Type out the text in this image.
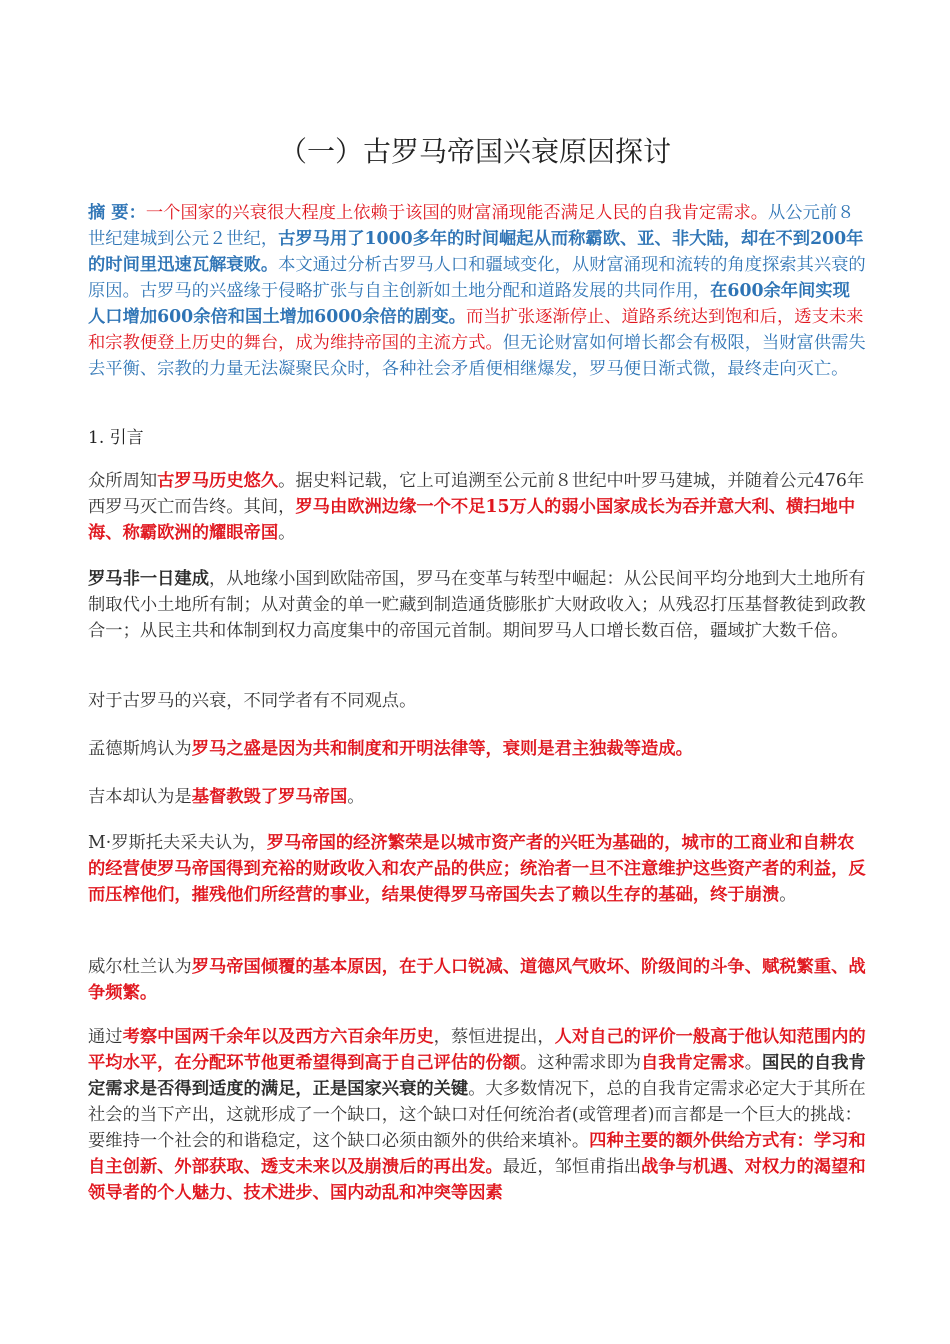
（一）古罗马帝国兴衰原因探讨

摘 要：一个国家的兴衰很大程度上依赖于该国的财富涌现能否满足人民的自我肯定需求。从公元前８世纪建城到公元２世纪，古罗马用了1000多年的时间崛起从而称霸欧、亚、非大陆，却在不到200年的时间里迅速瓦解衰败。本文通过分析古罗马人口和疆域变化，从财富涌现和流转的角度探索其兴衰的原因。古罗马的兴盛缘于侵略扩张与自主创新如土地分配和道路发展的共同作用，在600余年间实现人口增加600余倍和国土增加6000余倍的剧变。而当扩张逐渐停止、道路系统达到饱和后，透支未来和宗教便登上历史的舞台，成为维持帝国的主流方式。但无论财富如何增长都会有极限，当财富供需失去平衡、宗教的力量无法凝聚民众时，各种社会矛盾便相继爆发，罗马便日渐式微，最终走向灭亡。

1. 引言

众所周知古罗马历史悠久。据史料记载，它上可追溯至公元前８世纪中叶罗马建城，并随着公元476年西罗马灭亡而告终。其间，罗马由欧洲边缘一个不足15万人的弱小国家成长为吞并意大利、横扫地中海、称霸欧洲的耀眼帝国。

罗马非一日建成，从地缘小国到欧陆帝国，罗马在变革与转型中崛起：从公民间平均分地到大土地所有制取代小土地所有制；从对黄金的单一贮藏到制造通货膨胀扩大财政收入；从残忍打压基督教徒到政教合一；从民主共和体制到权力高度集中的帝国元首制。期间罗马人口增长数百倍，疆域扩大数千倍。

对于古罗马的兴衰，不同学者有不同观点。

孟德斯鸠认为罗马之盛是因为共和制度和开明法律等，衰则是君主独裁等造成。

吉本却认为是基督教毁了罗马帝国。

M·罗斯托夫采夫认为，罗马帝国的经济繁荣是以城市资产者的兴旺为基础的，城市的工商业和自耕农的经营使罗马帝国得到充裕的财政收入和农产品的供应；统治者一旦不注意维护这些资产者的利益，反而压榨他们，摧残他们所经营的事业，结果使得罗马帝国失去了赖以生存的基础，终于崩溃。

威尔杜兰认为罗马帝国倾覆的基本原因，在于人口锐减、道德风气败坏、阶级间的斗争、赋税繁重、战争频繁。

通过考察中国两千余年以及西方六百余年历史，蔡恒进提出，人对自己的评价一般高于他认知范围内的平均水平，在分配环节他更希望得到高于自己评估的份额。这种需求即为自我肯定需求。国民的自我肯定需求是否得到适度的满足，正是国家兴衰的关键。大多数情况下，总的自我肯定需求必定大于其所在社会的当下产出，这就形成了一个缺口，这个缺口对任何统治者(或管理者)而言都是一个巨大的挑战：要维持一个社会的和谐稳定，这个缺口必须由额外的供给来填补。四种主要的额外供给方式有：学习和自主创新、外部获取、透支未来以及崩溃后的再出发。最近，邹恒甫指出战争与机遇、对权力的渴望和领导者的个人魅力、技术进步、国内动乱和冲突等因素
